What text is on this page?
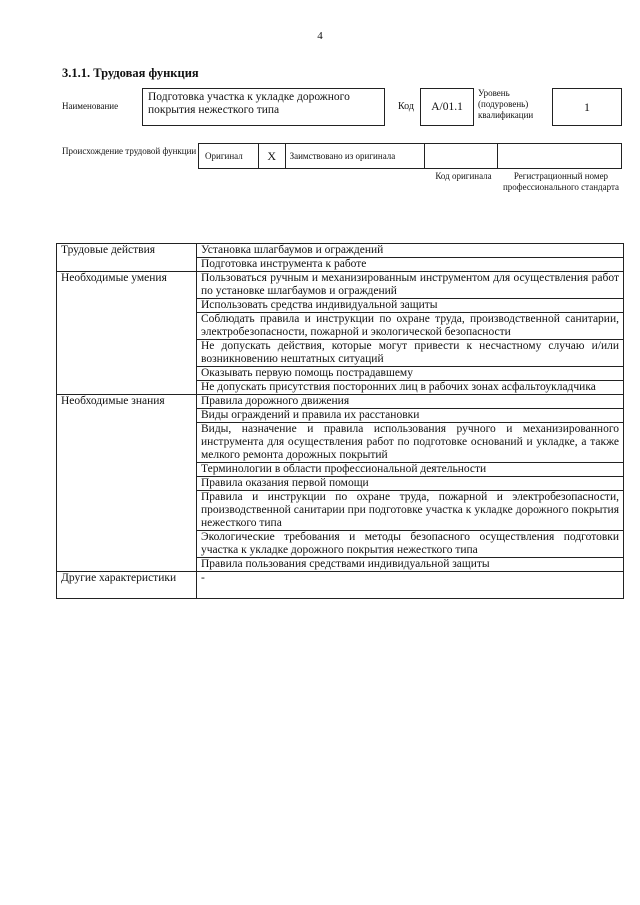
4
3.1.1. Трудовая функция
Наименование
Подготовка участка к укладке дорожного покрытия нежесткого типа	Код	A/01.1
Уровень (подуровень) квалификации
1
Происхождение трудовой функции Оригинал	X	Заимствовано из оригинала
Код оригинала	Регистрационный номер профессионального стандарта
Трудовые действия	Установка шлагбаумов и ограждений
	Подготовка инструмента к работе
Необходимые умения	Пользоваться ручным и механизированным инструментом для осуществления работ по установке шлагбаумов и ограждений
	Использовать средства индивидуальной защиты
	Соблюдать правила и инструкции по охране труда, производственной санитарии, электробезопасности, пожарной и экологической безопасности
	Не допускать действия, которые могут привести к несчастному случаю и/или возникновению нештатных ситуаций
	Оказывать первую помощь пострадавшему
	Не допускать присутствия посторонних лиц в рабочих зонах асфальтоукладчика
Необходимые знания	Правила дорожного движения
	Виды ограждений и правила их расстановки
	Виды, назначение и правила использования ручного и механизированного инструмента для осуществления работ по подготовке оснований и укладке, а также мелкого ремонта дорожных покрытий
	Терминологии в области профессиональной деятельности
	Правила оказания первой помощи
	Правила и инструкции по охране труда, пожарной и электробезопасности, производственной санитарии при подготовке участка к укладке дорожного покрытия нежесткого типа
	Экологические требования и методы безопасного осуществления подготовки участка к укладке дорожного покрытия нежесткого типа
	Правила пользования средствами индивидуальной защиты
Другие характеристики	-
